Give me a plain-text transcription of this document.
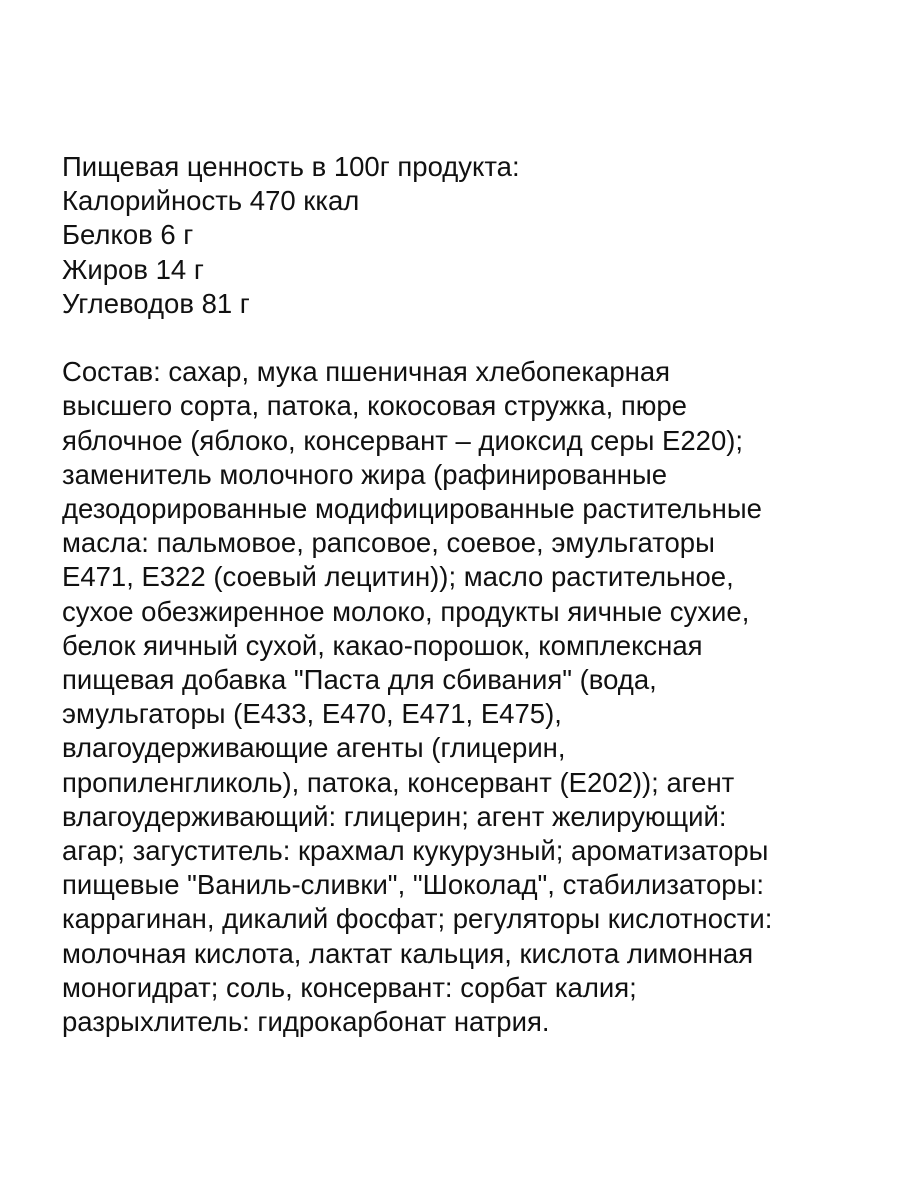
Пищевая ценность в 100г продукта:
Калорийность 470 ккал
Белков 6 г
Жиров 14 г
Углеводов 81 г
Состав: сахар, мука пшеничная хлебопекарная
высшего сорта, патока, кокосовая стружка, пюре
яблочное (яблоко, консервант – диоксид серы Е220);
заменитель молочного жира (рафинированные
дезодорированные модифицированные растительные
масла: пальмовое, рапсовое, соевое, эмульгаторы
Е471, Е322 (соевый лецитин)); масло растительное,
сухое обезжиренное молоко, продукты яичные сухие,
белок яичный сухой, какао-порошок, комплексная
пищевая добавка "Паста для сбивания" (вода,
эмульгаторы (Е433, Е470, Е471, Е475),
влагоудерживающие агенты (глицерин,
пропиленгликоль), патока, консервант (Е202)); агент
влагоудерживающий: глицерин; агент желирующий:
агар; загуститель: крахмал кукурузный; ароматизаторы
пищевые "Ваниль-сливки", "Шоколад", стабилизаторы:
каррагинан, дикалий фосфат; регуляторы кислотности:
молочная кислота, лактат кальция, кислота лимонная
моногидрат; соль, консервант: сорбат калия;
разрыхлитель: гидрокарбонат натрия.
